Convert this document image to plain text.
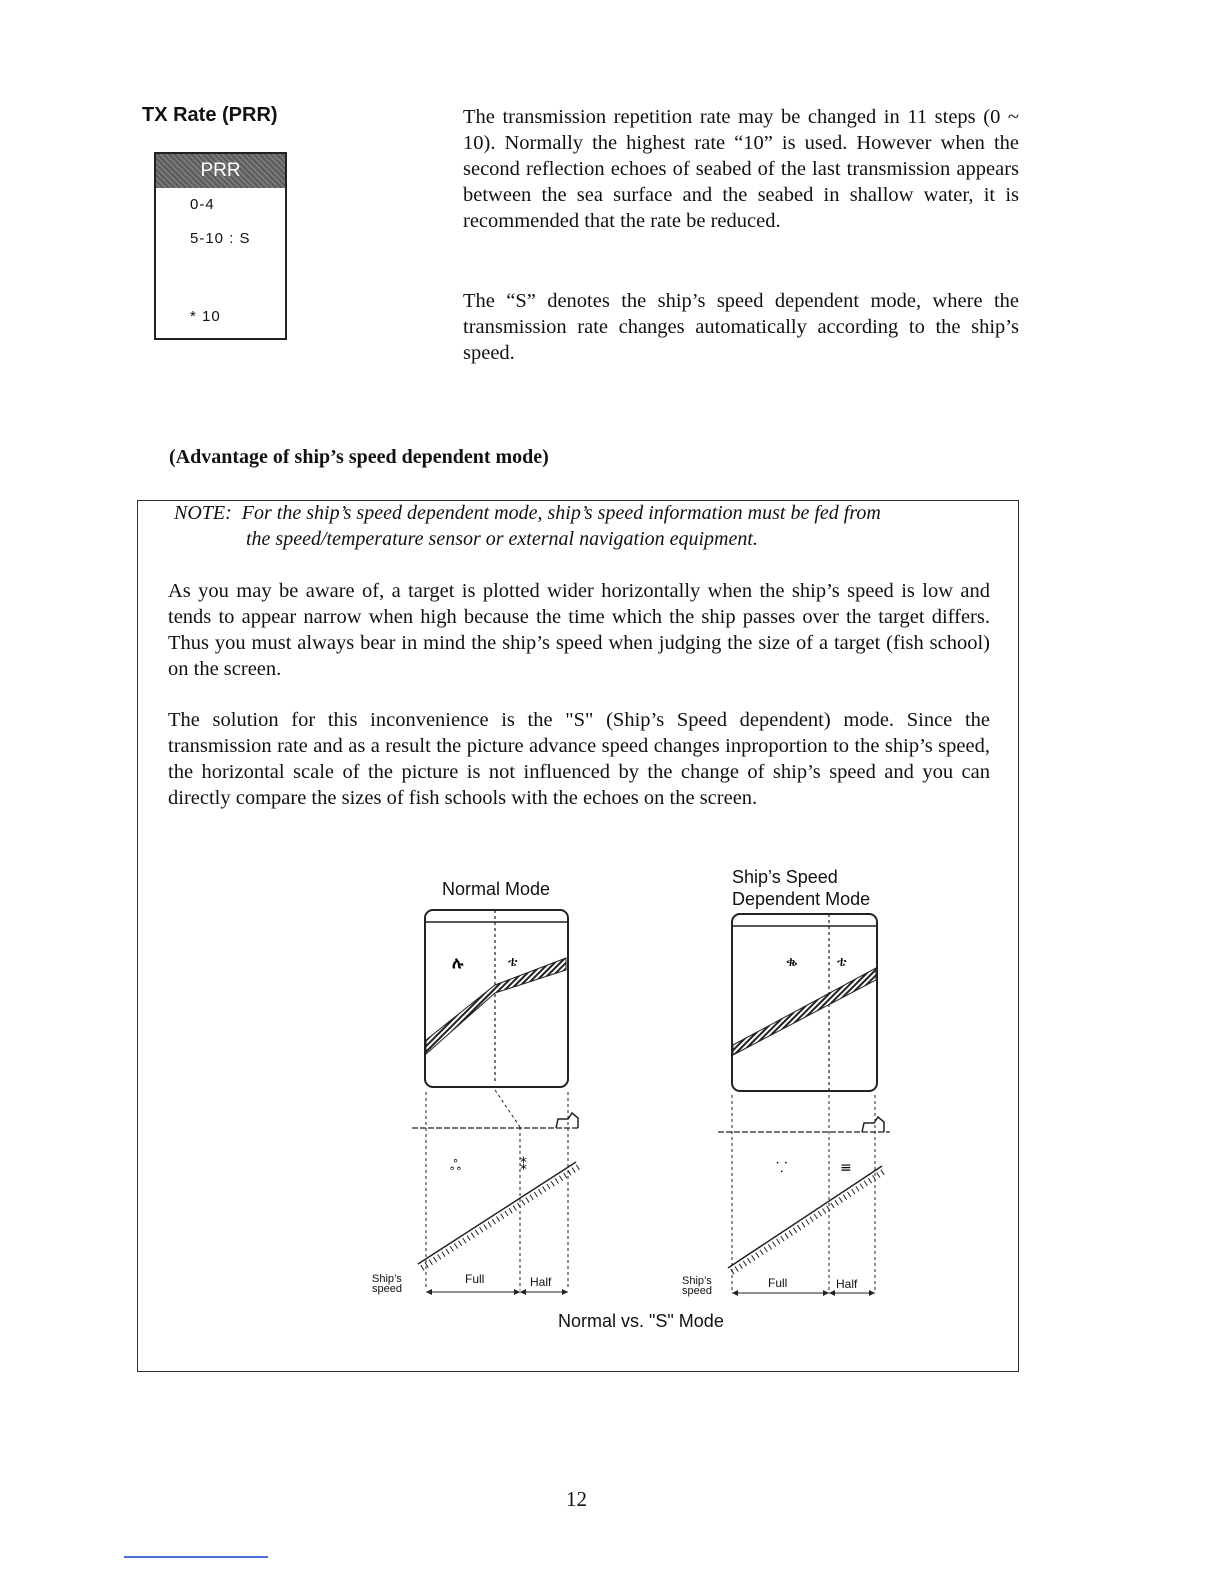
TX Rate (PRR)
PRR
0-4
5-10 : S
* 10
The transmission repetition rate may be changed in 11 steps (0 ~ 10). Normally the highest rate “10” is used. However when the second reflection echoes of seabed of the last transmission appears between the sea surface and the seabed in shallow water, it is recommended that the rate be reduced.
The “S” denotes the ship’s speed dependent mode, where the transmission rate changes automatically according to the ship’s speed.
(Advantage of ship’s speed dependent mode)
NOTE: For the ship’s speed dependent mode, ship’s speed information must be fed from
the speed/temperature sensor or external navigation equipment.
As you may be aware of, a target is plotted wider horizontally when the ship’s speed is low and tends to appear narrow when high because the time which the ship passes over the target differs. Thus you must always bear in mind the ship’s speed when judging the size of a target (fish school) on the screen.
The solution for this inconvenience is the "S" (Ship’s Speed dependent) mode. Since the transmission rate and as a result the picture advance speed changes inproportion to the ship’s speed, the horizontal scale of the picture is not influenced by the change of ship’s speed and you can directly compare the sizes of fish schools with the echoes on the screen.
Normal Mode
Ship’s Speed
Dependent Mode
ሉ	ቴ	ቈ	ቴ
ஃ	⁑	⸪	≡
Ship’s
speed
Full	Half	Ship’s
speed
Full	Half
Normal vs. "S" Mode
12
